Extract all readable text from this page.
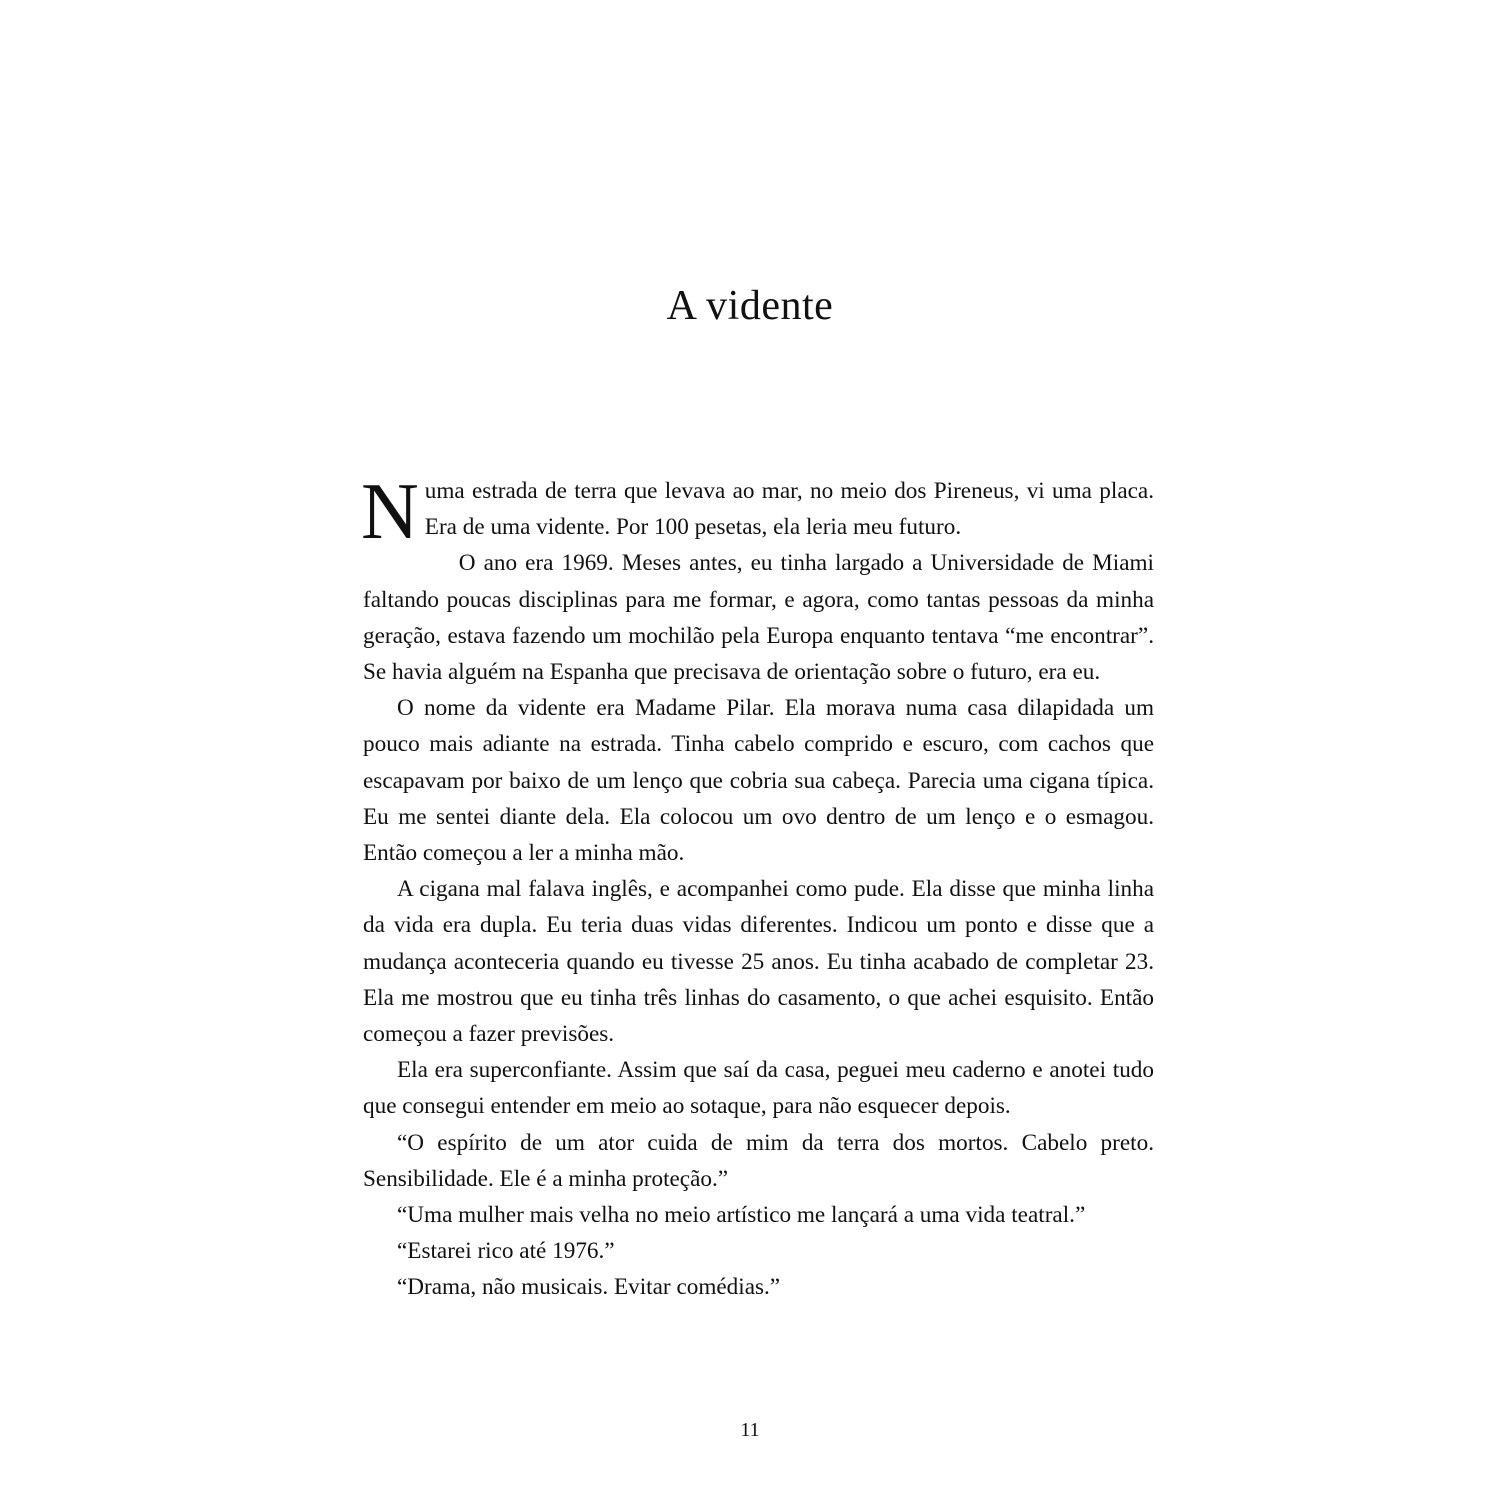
A vidente

Numa estrada de terra que levava ao mar, no meio dos Pireneus, vi uma placa. Era de uma vidente. Por 100 pesetas, ela leria meu futuro.

O ano era 1969. Meses antes, eu tinha largado a Universidade de Miami faltando poucas disciplinas para me formar, e agora, como tantas pessoas da minha geração, estava fazendo um mochilão pela Europa enquanto tentava “me encontrar”. Se havia alguém na Espanha que precisava de orientação sobre o futuro, era eu.

O nome da vidente era Madame Pilar. Ela morava numa casa dilapidada um pouco mais adiante na estrada. Tinha cabelo comprido e escuro, com cachos que escapavam por baixo de um lenço que cobria sua cabeça. Parecia uma cigana típica. Eu me sentei diante dela. Ela colocou um ovo dentro de um lenço e o esmagou. Então começou a ler a minha mão.

A cigana mal falava inglês, e acompanhei como pude. Ela disse que minha linha da vida era dupla. Eu teria duas vidas diferentes. Indicou um ponto e disse que a mudança aconteceria quando eu tivesse 25 anos. Eu tinha acabado de completar 23. Ela me mostrou que eu tinha três linhas do casamento, o que achei esquisito. Então começou a fazer previsões.

Ela era superconfiante. Assim que saí da casa, peguei meu caderno e anotei tudo que consegui entender em meio ao sotaque, para não esquecer depois.

“O espírito de um ator cuida de mim da terra dos mortos. Cabelo preto. Sensibilidade. Ele é a minha proteção.”

“Uma mulher mais velha no meio artístico me lançará a uma vida teatral.”

“Estarei rico até 1976.”

“Drama, não musicais. Evitar comédias.”

11
